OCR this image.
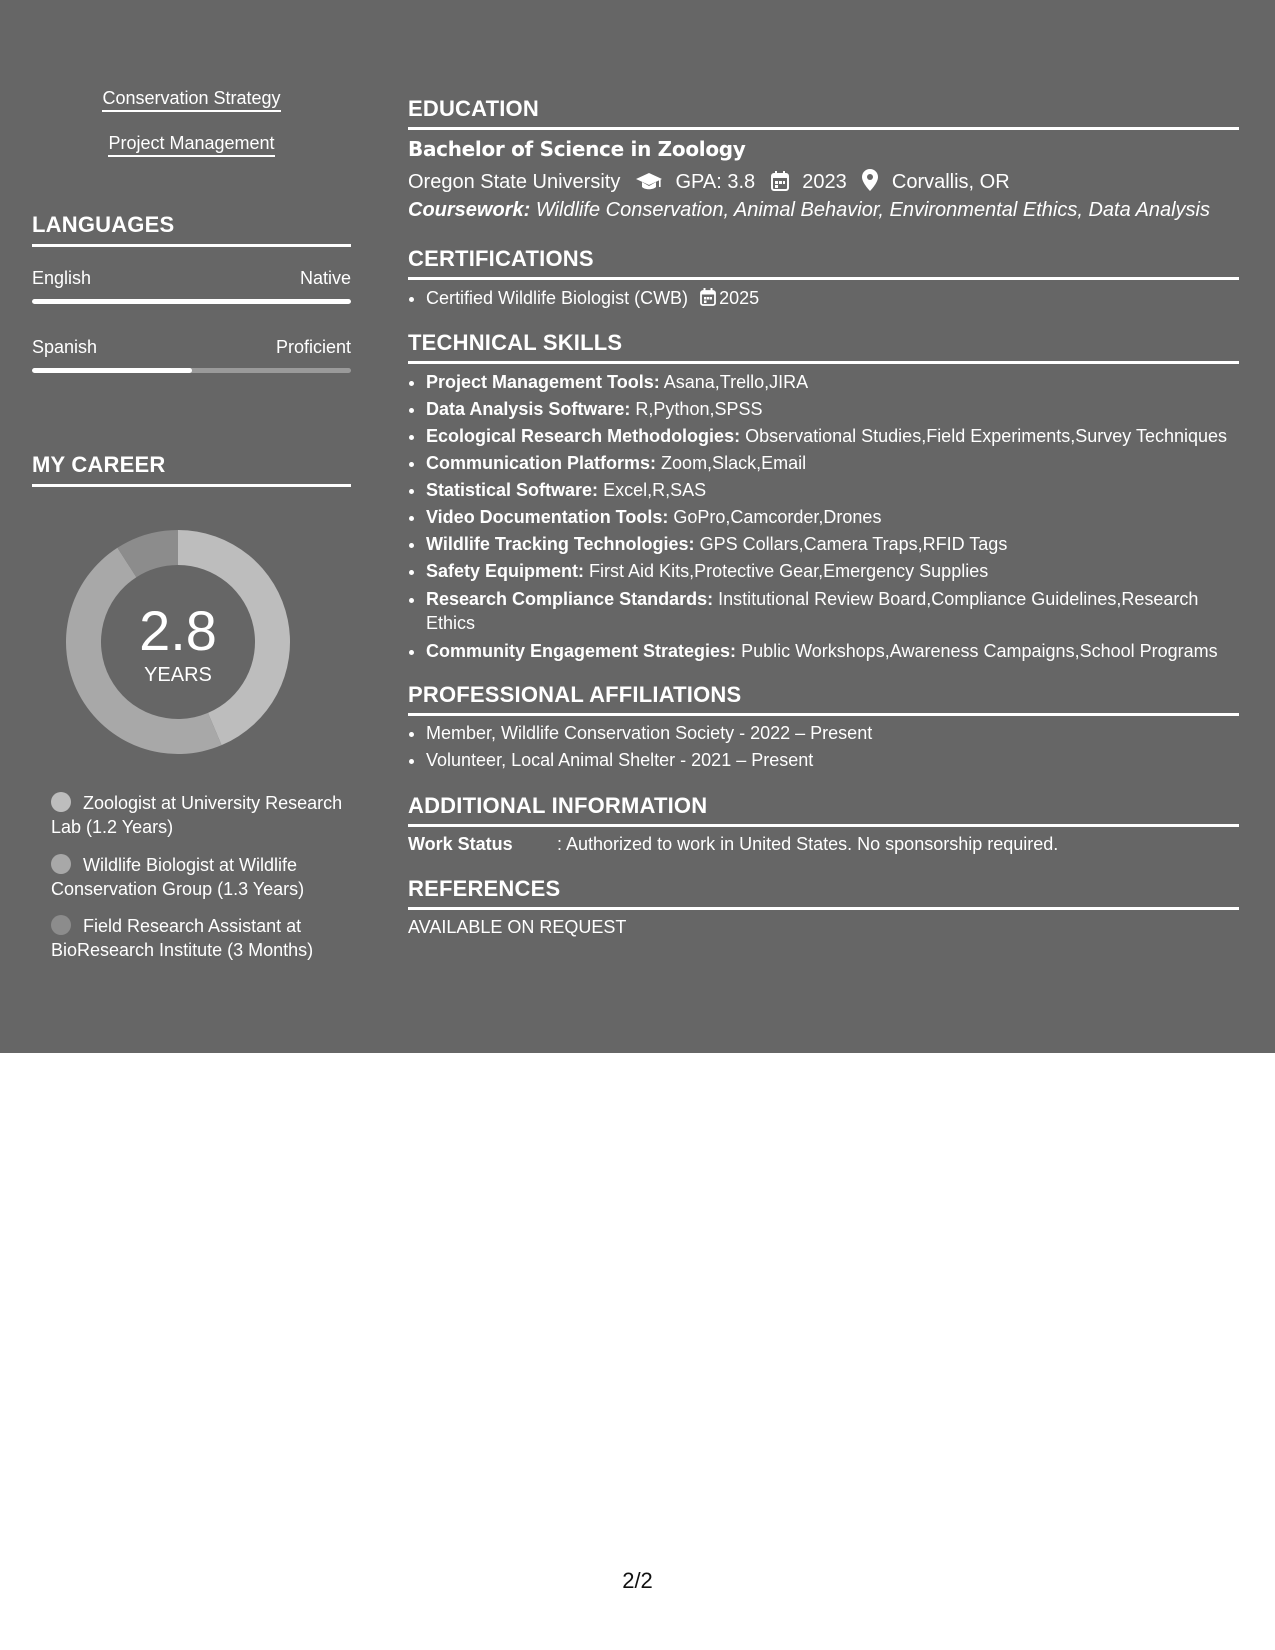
Conservation Strategy
Project Management
LANGUAGES
English	Native
Spanish	Proficient
MY CAREER
2.8
YEARS
Zoologist at University Research Lab (1.2 Years)
Wildlife Biologist at Wildlife Conservation Group (1.3 Years)
Field Research Assistant at BioResearch Institute (3 Months)
EDUCATION
Bachelor of Science in Zoology
Oregon State University	GPA: 3.8 2023 Corvallis, OR
Coursework: Wildlife Conservation, Animal Behavior, Environmental Ethics, Data Analysis
CERTIFICATIONS
• Certified Wildlife Biologist (CWB) 2025
TECHNICAL SKILLS
• Project Management Tools: Asana,Trello,JIRA
• Data Analysis Software: R,Python,SPSS
• Ecological Research Methodologies: Observational Studies,Field Experiments,Survey Techniques
• Communication Platforms: Zoom,Slack,Email
• Statistical Software: Excel,R,SAS
• Video Documentation Tools: GoPro,Camcorder,Drones
• Wildlife Tracking Technologies: GPS Collars,Camera Traps,RFID Tags
• Safety Equipment: First Aid Kits,Protective Gear,Emergency Supplies
• Research Compliance Standards: Institutional Review Board,Compliance Guidelines,Research Ethics
• Community Engagement Strategies: Public Workshops,Awareness Campaigns,School Programs
PROFESSIONAL AFFILIATIONS
• Member, Wildlife Conservation Society - 2022 – Present
• Volunteer, Local Animal Shelter - 2021 – Present
ADDITIONAL INFORMATION
Work Status : Authorized to work in United States. No sponsorship required.
REFERENCES
AVAILABLE ON REQUEST
2/2
